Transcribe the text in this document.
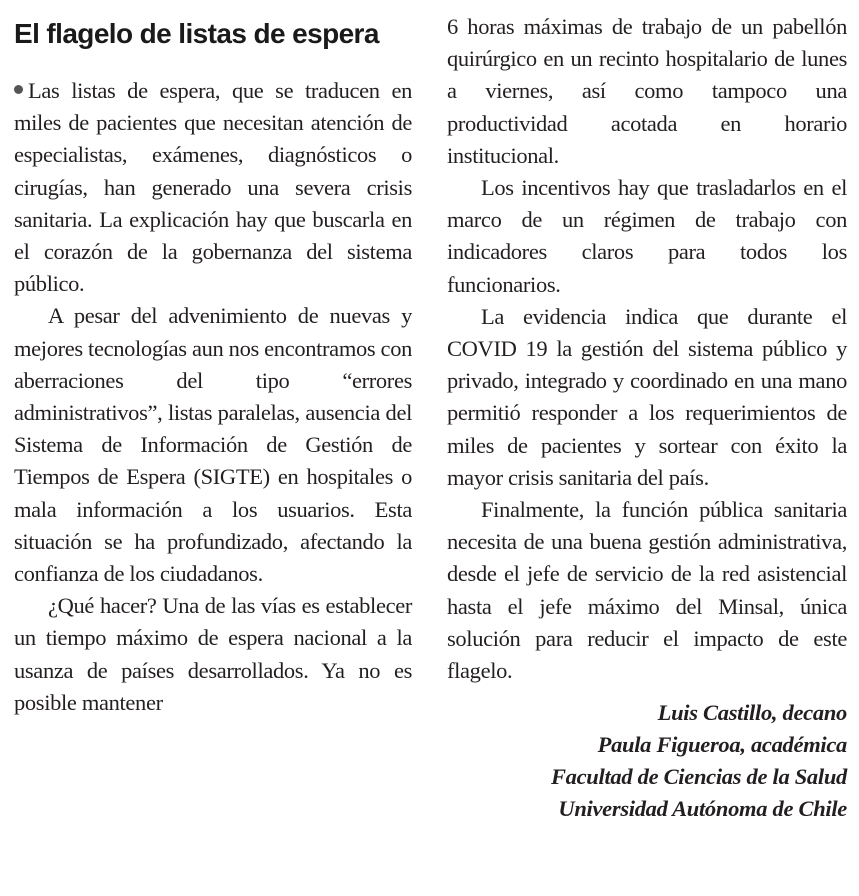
El flagelo de listas de espera

Las listas de espera, que se traducen en miles de pacientes que necesitan atención de especialistas, exámenes, diagnósticos o cirugías, han generado una severa crisis sanitaria. La explicación hay que buscarla en el corazón de la gobernanza del sistema público.

A pesar del advenimiento de nuevas y mejores tecnologías aun nos encontramos con aberraciones del tipo “errores administrativos”, listas paralelas, ausencia del Sistema de Información de Gestión de Tiempos de Espera (SIGTE) en hospitales o mala información a los usuarios. Esta situación se ha profundizado, afectando la confianza de los ciudadanos.

¿Qué hacer? Una de las vías es establecer un tiempo máximo de espera nacional a la usanza de países desarrollados. Ya no es posible mantener

6 horas máximas de trabajo de un pabellón quirúrgico en un recinto hospitalario de lunes a viernes, así como tampoco una productividad acotada en horario institucional.

Los incentivos hay que trasladarlos en el marco de un régimen de trabajo con indicadores claros para todos los funcionarios.

La evidencia indica que durante el COVID 19 la gestión del sistema público y privado, integrado y coordinado en una mano permitió responder a los requerimientos de miles de pacientes y sortear con éxito la mayor crisis sanitaria del país.

Finalmente, la función pública sanitaria necesita de una buena gestión administrativa, desde el jefe de servicio de la red asistencial hasta el jefe máximo del Minsal, única solución para reducir el impacto de este flagelo.

Luis Castillo, decano
Paula Figueroa, académica
Facultad de Ciencias de la Salud
Universidad Autónoma de Chile
